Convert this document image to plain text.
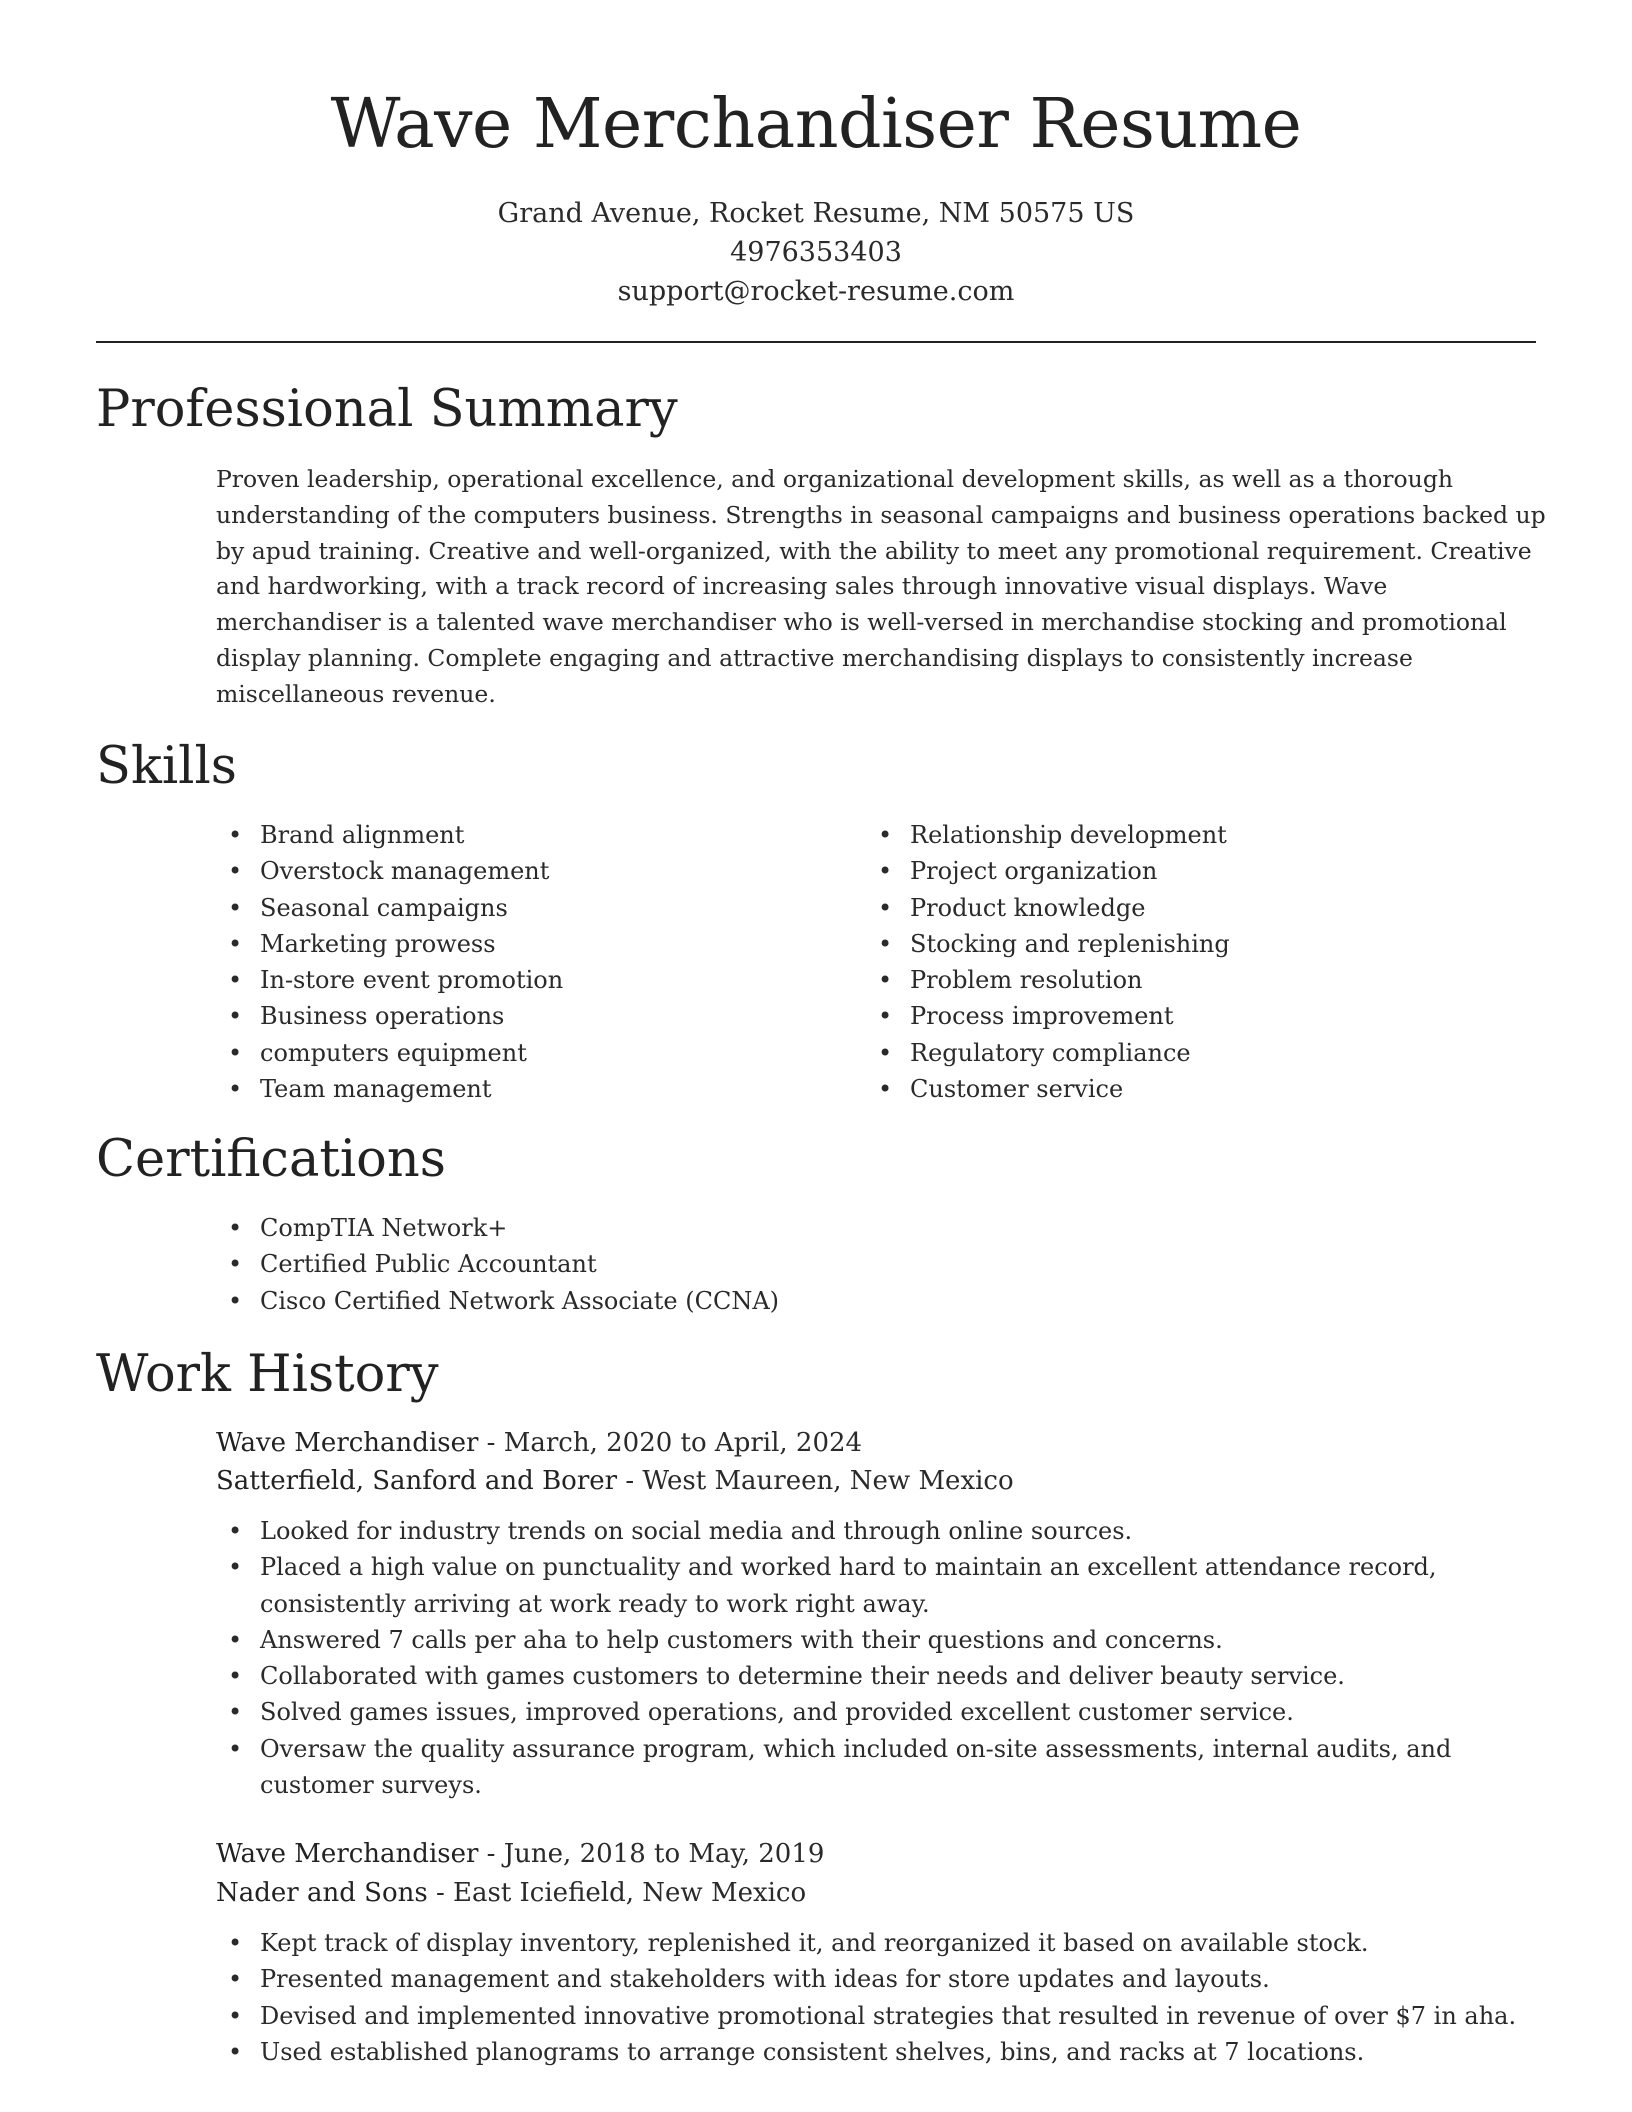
Wave Merchandiser Resume
Grand Avenue, Rocket Resume, NM 50575 US
4976353403
support@rocket-resume.com
Professional Summary

Proven leadership, operational excellence, and organizational development skills, as well as a thorough understanding of the computers business. Strengths in seasonal campaigns and business operations backed up by apud training. Creative and well-organized, with the ability to meet any promotional requirement. Creative and hardworking, with a track record of increasing sales through innovative visual displays. Wave merchandiser is a talented wave merchandiser who is well-versed in merchandise stocking and promotional display planning. Complete engaging and attractive merchandising displays to consistently increase miscellaneous revenue.

Skills
• Brand alignment
• Overstock management
• Seasonal campaigns
• Marketing prowess
• In-store event promotion
• Business operations
• computers equipment
• Team management
• Relationship development
• Project organization
• Product knowledge
• Stocking and replenishing
• Problem resolution
• Process improvement
• Regulatory compliance
• Customer service
Certifications
• CompTIA Network+
• Certified Public Accountant
• Cisco Certified Network Associate (CCNA)
Work History
Wave Merchandiser - March, 2020 to April, 2024
Satterfield, Sanford and Borer - West Maureen, New Mexico
• Looked for industry trends on social media and through online sources.
• Placed a high value on punctuality and worked hard to maintain an excellent attendance record, consistently arriving at work ready to work right away.
• Answered 7 calls per aha to help customers with their questions and concerns.
• Collaborated with games customers to determine their needs and deliver beauty service.
• Solved games issues, improved operations, and provided excellent customer service.
• Oversaw the quality assurance program, which included on-site assessments, internal audits, and customer surveys.
Wave Merchandiser - June, 2018 to May, 2019
Nader and Sons - East Iciefield, New Mexico
• Kept track of display inventory, replenished it, and reorganized it based on available stock.
• Presented management and stakeholders with ideas for store updates and layouts.
• Devised and implemented innovative promotional strategies that resulted in revenue of over $7 in aha.
• Used established planograms to arrange consistent shelves, bins, and racks at 7 locations.
